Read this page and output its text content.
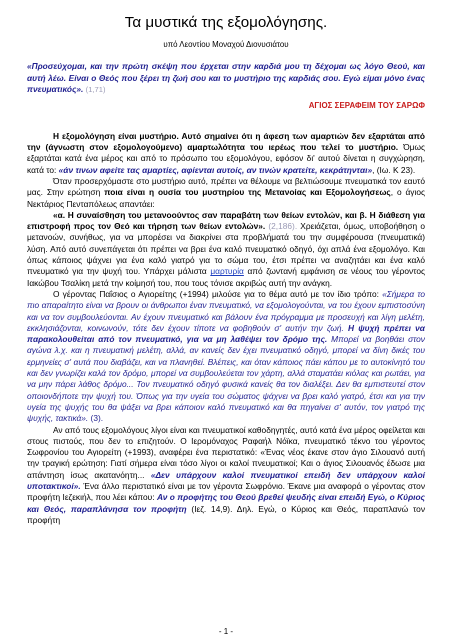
Τα μυστικά της εξομολόγησης.
υπό Λεοντίου Μοναχού Διονυσιάτου
«Προσεύχομαι, και την πρώτη σκέψη που έρχεται στην καρδιά μου τη δέχομαι ως λόγο Θεού, και αυτή λέω. Είναι ο Θεός που ξέρει τη ζωή σου και το μυστήριο της καρδιάς σου. Εγώ είμαι μόνο ένας πνευματικός». (1,71)
ΑΓΙΟΣ ΣΕΡΑΦΕΙΜ ΤΟΥ ΣΑΡΩΦ

Η εξομολόγηση είναι μυστήριο. Αυτό σημαίνει ότι η άφεση των αμαρτιών δεν εξαρτάται από την (άγνωστη στον εξομολογούμενο) αμαρτωλότητα του ιερέως που τελεί το μυστήριο. Όμως εξαρτάται κατά ένα μέρος και από το πρόσωπο του εξομολόγου, εφόσον δι' αυτού δίνεται η συγχώρηση, κατά το: «άν τινων αφείτε τας αμαρτίες, αφίενται αυτοίς, αν τινών κρατείτε, κεκράτηνται», (Ιω. Κ 23).

Όταν προσερχόμαστε στο μυστήριο αυτό, πρέπει να θέλουμε να βελτιώσουμε πνευματικά τον εαυτό μας. Στην ερώτηση ποια είναι η ουσία του μυστηρίου της Μετανοίας και Εξομολογήσεως, ο άγιος Νεκτάριος Πενταπόλεως απαντάει:

«α. Η συναίσθηση του μετανοούντος σαν παραβάτη των θείων εντολών, και β. Η διάθεση για επιστροφή προς τον Θεό και τήρηση των θείων εντολών». (2,186). Χρειάζεται, όμως, υποβοήθηση ο μετανοών, συνήθως, για να μπορέσει να διακρίνει στα προβλήματά του την συμφέρουσα (πνευματικά) λύση. Από αυτό συνεπάγεται ότι πρέπει να βρει ένα καλό πνευματικό οδηγό, όχι απλά ένα εξομολόγο. Και όπως κάποιος ψάχνει για ένα καλό γιατρό για το σώμα του, έτσι πρέπει να αναζητάει και ένα καλό πνευματικό για την ψυχή του. Υπάρχει μάλιστα μαρτυρία από ζωντανή εμφάνιση σε νέους του γέροντος Ιακώβου Τσαλίκη μετά την κοίμησή του, που τους τόνισε ακριβώς αυτή την ανάγκη.

Ο γέροντας Παΐσιος ο Αγιορείτης (+1994) μιλούσε για το θέμα αυτό με τον ίδιο τρόπο: «Σήμερα το πιο απαραίτητο είναι να βρουν οι άνθρωποι έναν πνευματικό, να εξομολογούνται, να του έχουν εμπιστοσύνη και να τον συμβουλεύονται. Αν έχουν πνευματικό και βάλουν ένα πρόγραμμα με προσευχή και λίγη μελέτη, εκκλησιάζονται, κοινωνούν, τότε δεν έχουν τίποτε να φοβηθούν σ' αυτήν την ζωή. Η ψυχή πρέπει να παρακολουθείται από τον πνευματικό, για να μη λαθέψει τον δρόμο της. Μπορεί να βοηθάει στον αγώνα λ.χ. και η πνευματική μελέτη, αλλά, αν κανείς δεν έχει πνευματικό οδηγό, μπορεί να δίνη δικές του ερμηνείες σ' αυτά που διαβάζει, και να πλανηθεί. Βλέπεις, και όταν κάποιος πάει κάπου με το αυτοκίνητό του και δεν γνωρίζει καλά τον δρόμο, μπορεί να συμβουλεύεται τον χάρτη, αλλά σταματάει κιόλας και ρωτάει, για να μην πάρει λάθος δρόμο... Τον πνευματικό οδηγό φυσικά κανείς θα τον διαλέξει. Δεν θα εμπιστευτεί στον οποιονδήποτε την ψυχή του. Όπως για την υγεία του σώματος ψάχνει να βρει καλό γιατρό, έτσι και για την υγεία της ψυχής του θα ψάξει να βρει κάποιον καλό πνευματικό και θα πηγαίνει σ' αυτόν, τον γιατρό της ψυχής, τακτικά». (3).

Αν από τους εξομολόγους λίγοι είναι και πνευματικοί καθοδηγητές, αυτό κατά ένα μέρος οφείλεται και στους πιστούς, που δεν το επιζητούν. Ο Ιερομόναχος Ραφαήλ Νόϊκα, πνευματικό τέκνο του γέροντος Σωφρονίου του Αγιορείτη (+1993), αναφέρει ένα περιστατικό: «Ένας νέος έκανε στον άγιο Σιλουανό αυτή την τραγική ερώτηση: Γιατί σήμερα είναι τόσο λίγοι οι καλοί πνευματικοί; Και ο άγιος Σιλουανός έδωσε μια απάντηση ίσως ακατανόητη... «Δεν υπάρχουν καλοί πνευματικοί επειδή δεν υπάρχουν καλοί υποτακτικοί». Ένα άλλο περιστατικό είναι με τον γέροντα Σωφρόνιο. Έκανε μια αναφορά ο γέροντας στον προφήτη Ιεζεκιήλ, που λέει κάπου: Αν ο προφήτης του Θεού βρεθεί ψευδής είναι επειδή Εγώ, ο Κύριος και Θεός, παραπλάνησα τον προφήτη (Ιεζ. 14,9). Δηλ. Εγώ, ο Κύριος και Θεός, παραπλανώ τον προφήτη

- 1 -
